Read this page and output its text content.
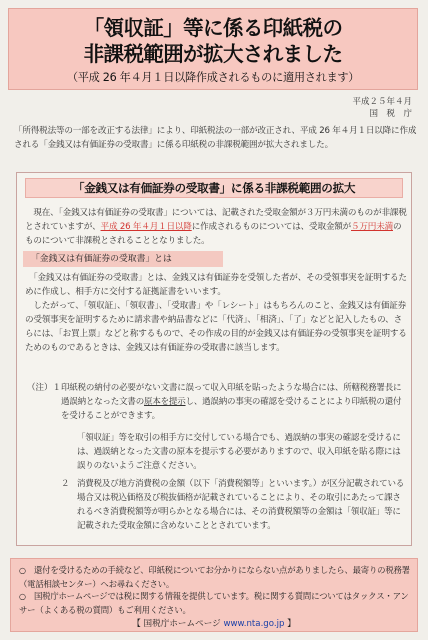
「領収証」等に係る印紙税の
非課税範囲が拡大されました
（平成 26 年４月１日以降作成されるものに適用されます）
平成２５年４月
国　税　庁
「所得税法等の一部を改正する法律」により、印紙税法の一部が改正され、平成 26 年４月１日以降に作成される「金銭又は有価証券の受取書」に係る印紙税の非課税範囲が拡大されました。
「金銭又は有価証券の受取書」に係る非課税範囲の拡大
　現在、「金銭又は有価証券の受取書」については、記載された受取金額が３万円未満のものが非課税とされていますが、平成 26 年４月１日以降に作成されるものについては、受取金額が５万円未満のものについて非課税とされることとなりました。
「金銭又は有価証券の受取書」とは
　「金銭又は有価証券の受取書」とは、金銭又は有価証券を受領した者が、その受領事実を証明するために作成し、相手方に交付する証拠証書をいいます。
　したがって、「領収証」、「領収書」、「受取書」や「レシート」はもちろんのこと、金銭又は有価証券の受領事実を証明するために請求書や納品書などに「代済」、「相済」、「了」などと記入したもの、さらには、「お買上票」などと称するもので、その作成の目的が金銭又は有価証券の受領事実を証明するためのものであるときは、金銭又は有価証券の受取書に該当します。
（注）１ 印紙税の納付の必要がない文書に誤って収入印紙を貼ったような場合には、所轄税務署長に過誤納となった文書の原本を提示し、過誤納の事実の確認を受けることにより印紙税の還付を受けることができます。
「領収証」等を取引の相手方に交付している場合でも、過誤納の事実の確認を受けるには、過誤納となった文書の原本を提示する必要がありますので、収入印紙を貼る際には誤りのないようご注意ください。
２ 消費税及び地方消費税の金額（以下「消費税額等」といいます。）が区分記載されている場合又は税込価格及び税抜価格が記載されていることにより、その取引にあたって課されるべき消費税額等が明らかとなる場合には、その消費税額等の金額は「領収証」等に記載された受取金額に含めないこととされています。
○　 還付を受けるための手続など、印紙税についてお分かりにならない点がありましたら、最寄りの税務署（電話相談センター）へお尋ねください。
○　 国税庁ホームページでは税に関する情報を提供しています。税に関する質問についてはタックス・アンサー（よくある税の質問）もご利用ください。
【 国税庁ホームページ www.nta.go.jp 】
